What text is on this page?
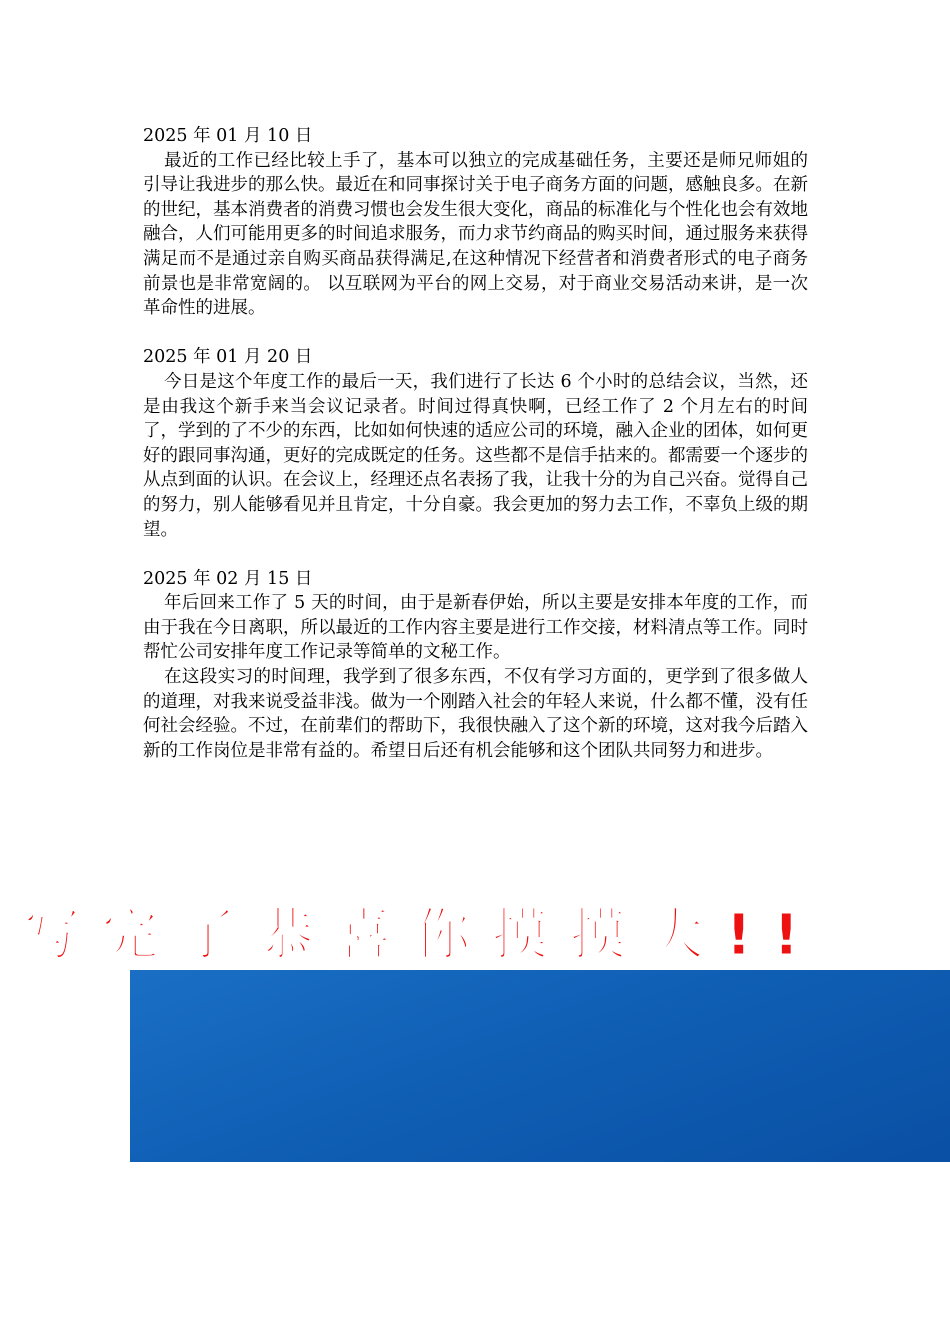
2025 年 01 月 10 日

最近的工作已经比较上手了，基本可以独立的完成基础任务，主要还是师兄师姐的引导让我进步的那么快。最近在和同事探讨关于电子商务方面的问题，感触良多。在新的世纪，基本消费者的消费习惯也会发生很大变化，商品的标准化与个性化也会有效地融合，人们可能用更多的时间追求服务，而力求节约商品的购买时间，通过服务来获得满足而不是通过亲自购买商品获得满足,在这种情况下经营者和消费者形式的电子商务前景也是非常宽阔的。 以互联网为平台的网上交易，对于商业交易活动来讲，是一次革命性的进展。

2025 年 01 月 20 日

今日是这个年度工作的最后一天，我们进行了长达 6 个小时的总结会议，当然，还是由我这个新手来当会议记录者。时间过得真快啊，已经工作了 2 个月左右的时间了，学到的了不少的东西，比如如何快速的适应公司的环境，融入企业的团体，如何更好的跟同事沟通，更好的完成既定的任务。这些都不是信手拈来的。都需要一个逐步的从点到面的认识。在会议上，经理还点名表扬了我，让我十分的为自己兴奋。觉得自己的努力，别人能够看见并且肯定，十分自豪。我会更加的努力去工作，不辜负上级的期望。

2025 年 02 月 15 日

年后回来工作了 5 天的时间，由于是新春伊始，所以主要是安排本年度的工作，而由于我在今日离职，所以最近的工作内容主要是进行工作交接，材料清点等工作。同时帮忙公司安排年度工作记录等简单的文秘工作。

在这段实习的时间理，我学到了很多东西，不仅有学习方面的，更学到了很多做人的道理，对我来说受益非浅。做为一个刚踏入社会的年轻人来说，什么都不懂，没有任何社会经验。不过，在前辈们的帮助下，我很快融入了这个新的环境，这对我今后踏入新的工作岗位是非常有益的。希望日后还有机会能够和这个团队共同努力和进步。

写完了恭喜你摸摸大!!
